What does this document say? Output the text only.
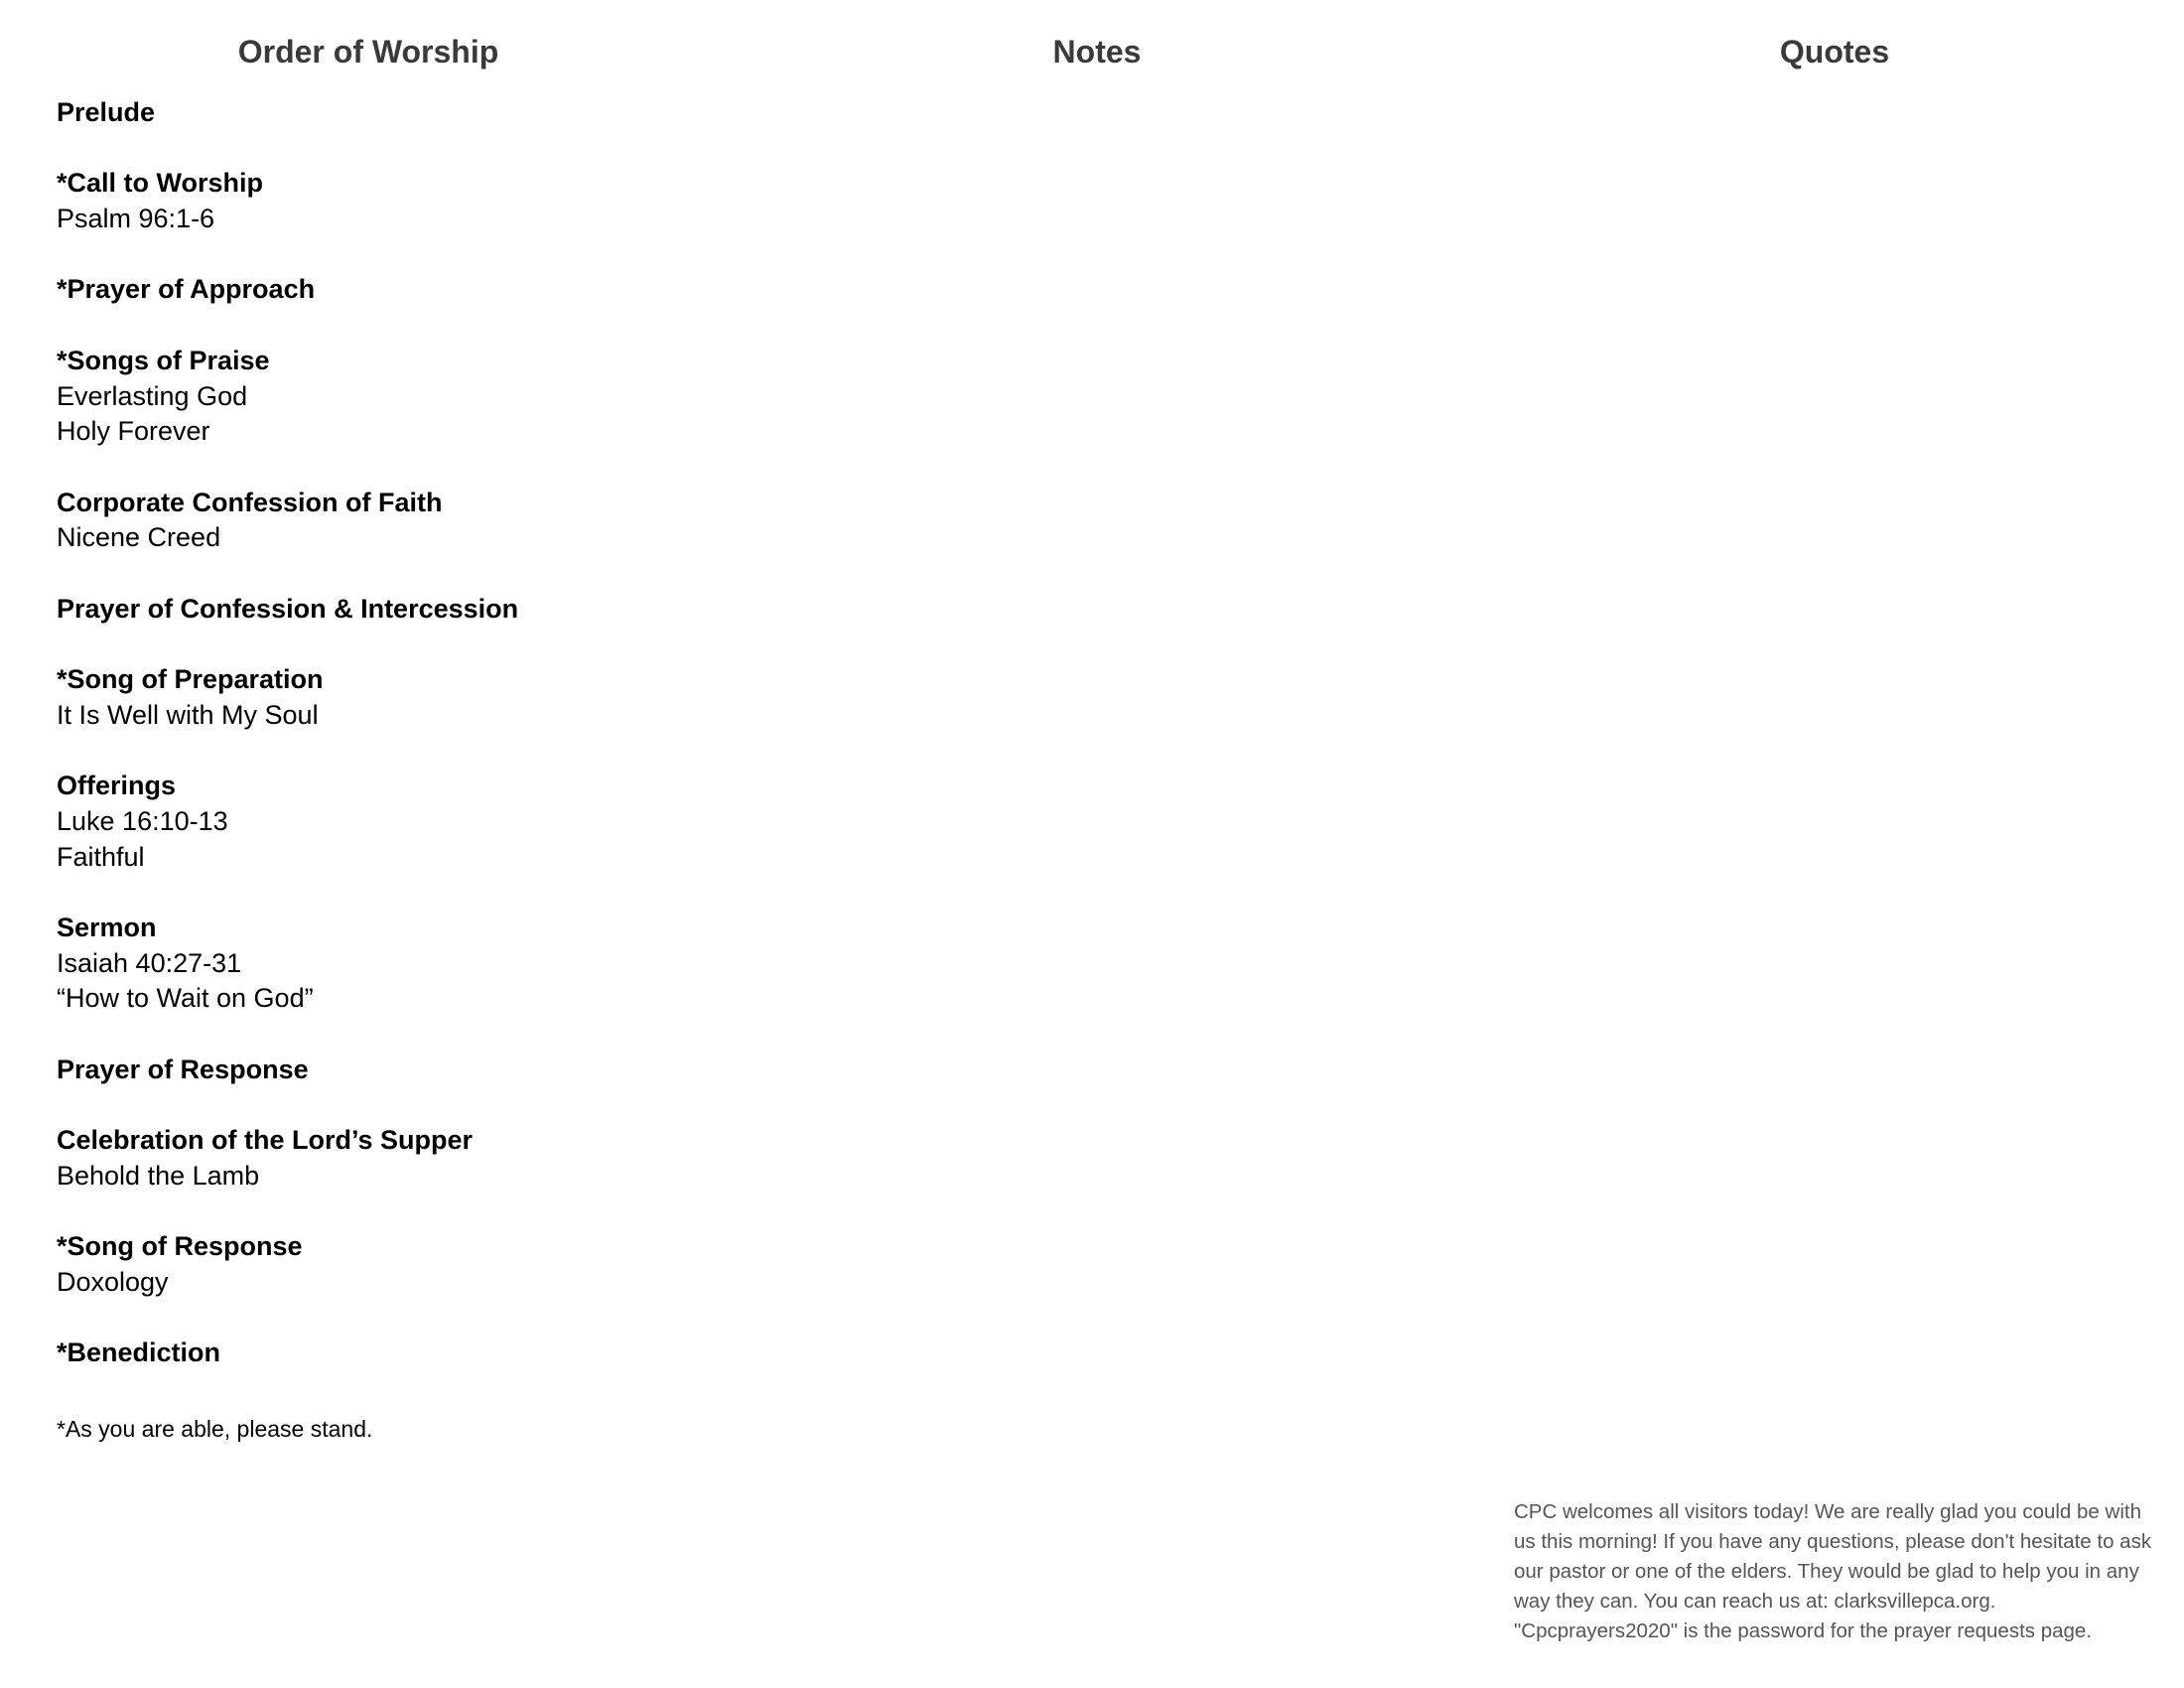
Order of Worship	Notes	Quotes
Prelude
*Call to Worship
Psalm 96:1-6
*Prayer of Approach
*Songs of Praise
Everlasting God
Holy Forever
Corporate Confession of Faith
Nicene Creed
Prayer of Confession & Intercession
*Song of Preparation
It Is Well with My Soul
Offerings
Luke 16:10-13
Faithful
Sermon
Isaiah 40:27-31
“How to Wait on God”
Prayer of Response
Celebration of the Lord’s Supper
Behold the Lamb
*Song of Response
Doxology
*Benediction
*As you are able, please stand.
CPC welcomes all visitors today! We are really glad you could be with us this morning! If you have any questions, please don't hesitate to ask our pastor or one of the elders. They would be glad to help you in any way they can. You can reach us at: clarksvillepca.org. "Cpcprayers2020" is the password for the prayer requests page.
